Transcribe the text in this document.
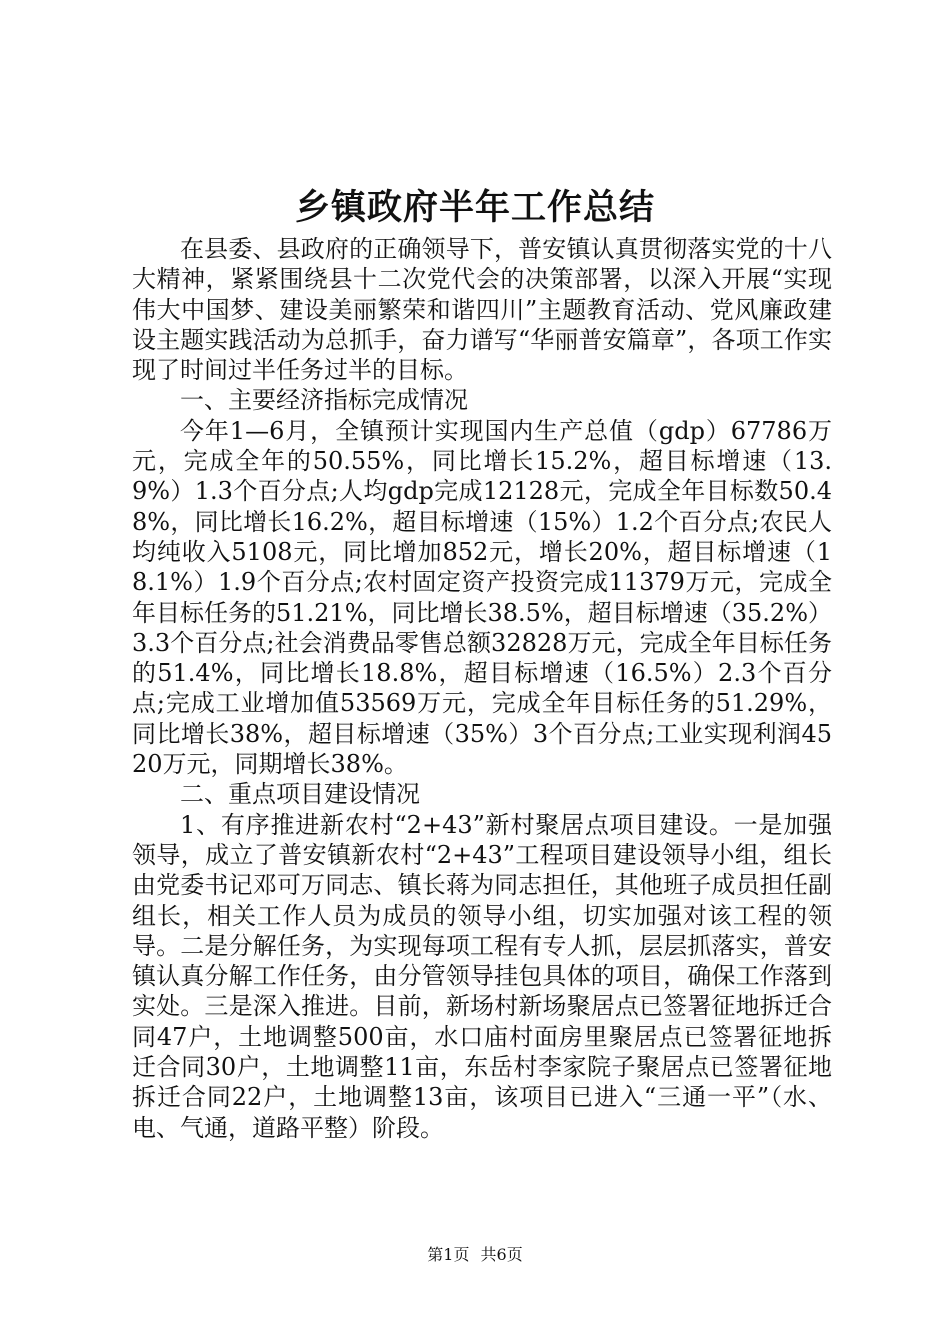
乡镇政府半年工作总结

在县委、县政府的正确领导下，普安镇认真贯彻落实党的十八大精神，紧紧围绕县十二次党代会的决策部署，以深入开展“实现伟大中国梦、建设美丽繁荣和谐四川”主题教育活动、党风廉政建设主题实践活动为总抓手，奋力谱写“华丽普安篇章”，各项工作实现了时间过半任务过半的目标。

一、主要经济指标完成情况

今年1—6月，全镇预计实现国内生产总值（gdp）67786万元，完成全年的50.55%，同比增长15.2%，超目标增速（13.9%）1.3个百分点;人均gdp完成12128元，完成全年目标数50.48%，同比增长16.2%，超目标增速（15%）1.2个百分点;农民人均纯收入5108元，同比增加852元，增长20%，超目标增速（18.1%）1.9个百分点;农村固定资产投资完成11379万元，完成全年目标任务的51.21%，同比增长38.5%，超目标增速（35.2%）3.3个百分点;社会消费品零售总额32828万元，完成全年目标任务的51.4%，同比增长18.8%，超目标增速（16.5%）2.3个百分点;完成工业增加值53569万元，完成全年目标任务的51.29%，同比增长38%，超目标增速（35%）3个百分点;工业实现利润4520万元，同期增长38%。

二、重点项目建设情况

1、有序推进新农村“2+43”新村聚居点项目建设。一是加强领导，成立了普安镇新农村“2+43”工程项目建设领导小组，组长由党委书记邓可万同志、镇长蒋为同志担任，其他班子成员担任副组长，相关工作人员为成员的领导小组，切实加强对该工程的领导。二是分解任务，为实现每项工程有专人抓，层层抓落实，普安镇认真分解工作任务，由分管领导挂包具体的项目，确保工作落到实处。三是深入推进。目前，新场村新场聚居点已签署征地拆迁合同47户，土地调整500亩，水口庙村面房里聚居点已签署征地拆迁合同30户，土地调整11亩，东岳村李家院子聚居点已签署征地拆迁合同22户，土地调整13亩，该项目已进入“三通一平”（水、电、气通，道路平整）阶段。

第1页 共6页
